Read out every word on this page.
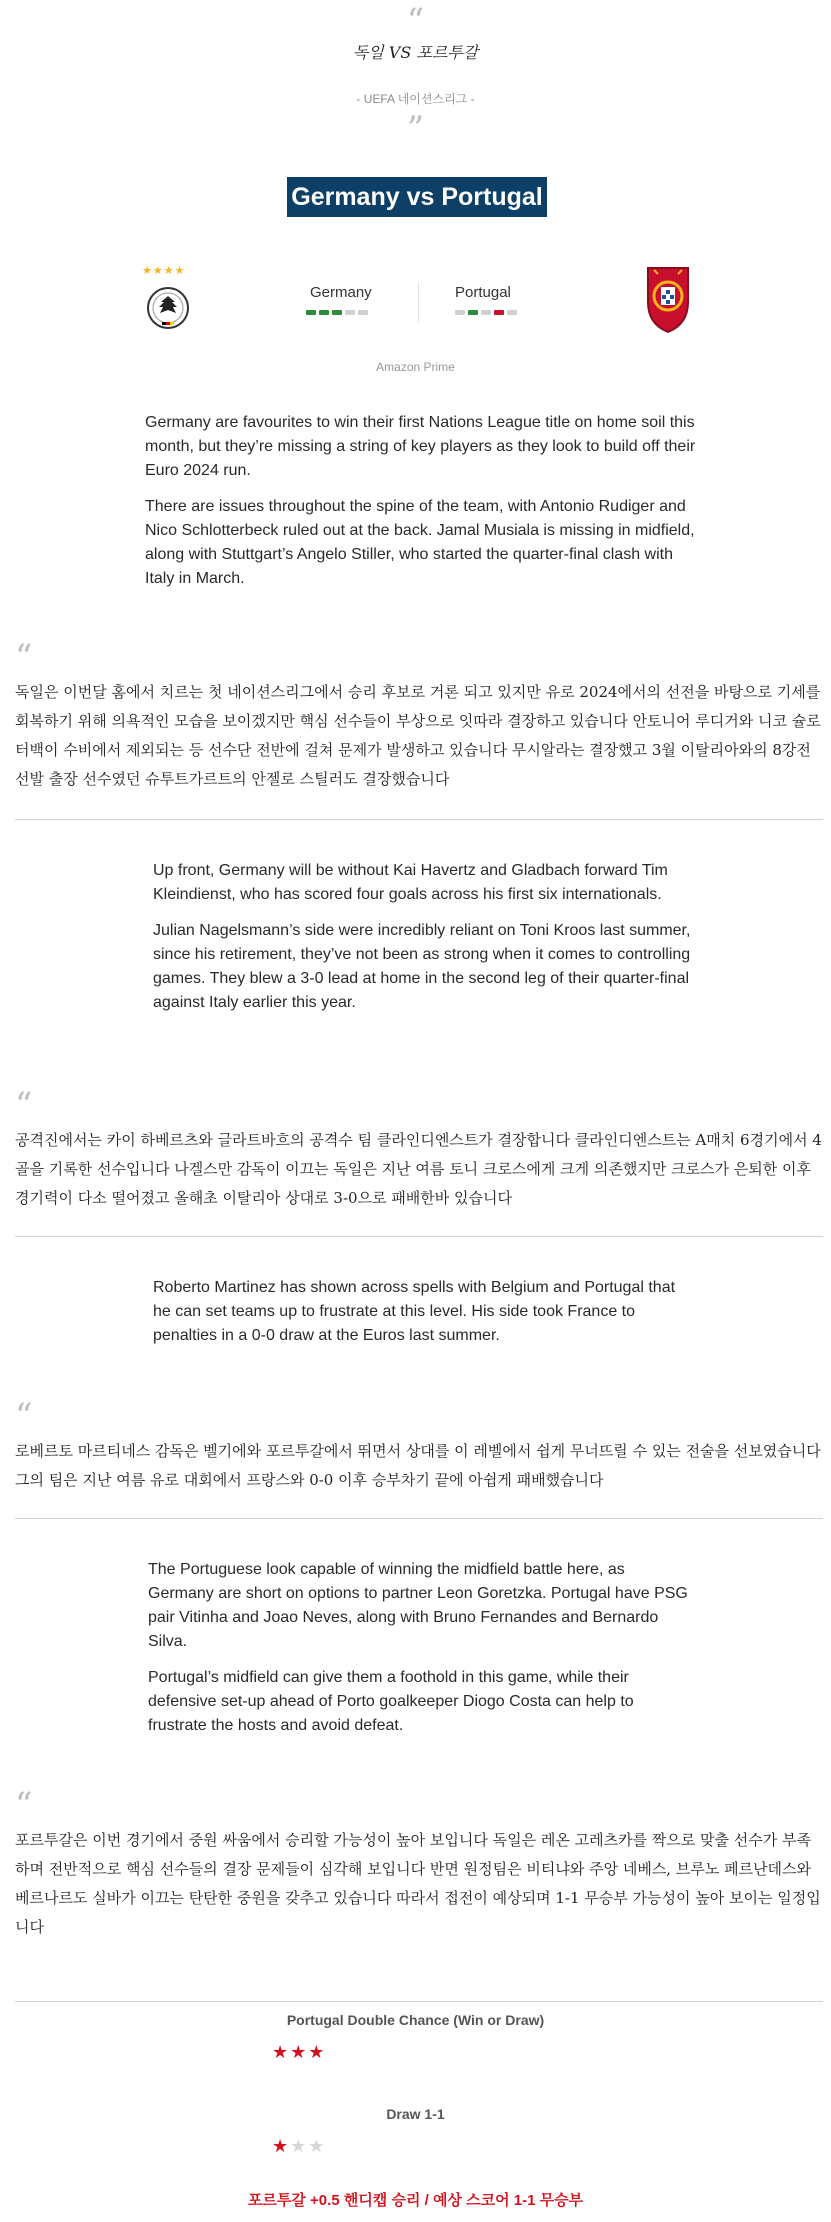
“
독일 VS 포르투갈
- UEFA 네이션스리그 -
”
Germany vs Portugal
★★★★
Germany	Portugal
Amazon Prime

Germany are favourites to win their first Nations League title on home soil this month, but they’re missing a string of key players as they look to build off their Euro 2024 run.

There are issues throughout the spine of the team, with Antonio Rudiger and Nico Schlotterbeck ruled out at the back. Jamal Musiala is missing in midfield, along with Stuttgart’s Angelo Stiller, who started the quarter-final clash with Italy in March.

“
독일은 이번달 홈에서 치르는 첫 네이션스리그에서 승리 후보로 거론 되고 있지만 유로 2024에서의 선전을 바탕으로 기세를 회복하기 위해 의욕적인 모습을 보이겠지만 핵심 선수들이 부상으로 잇따라 결장하고 있습니다 안토니어 루디거와 니코 슐로터백이 수비에서 제외되는 등 선수단 전반에 걸쳐 문제가 발생하고 있습니다 무시알라는 결장했고 3월 이탈리아와의 8강전 선발 출장 선수였던 슈투트가르트의 안젤로 스틸러도 결장했습니다

Up front, Germany will be without Kai Havertz and Gladbach forward Tim Kleindienst, who has scored four goals across his first six internationals.

Julian Nagelsmann’s side were incredibly reliant on Toni Kroos last summer, since his retirement, they’ve not been as strong when it comes to controlling games. They blew a 3-0 lead at home in the second leg of their quarter-final against Italy earlier this year.

“
공격진에서는 카이 하베르츠와 글라트바흐의 공격수 팀 클라인디엔스트가 결장합니다 클라인디엔스트는 A매치 6경기에서 4골을 기록한 선수입니다 나겔스만 감독이 이끄는 독일은 지난 여름 토니 크로스에게 크게 의존했지만 크로스가 은퇴한 이후 경기력이 다소 떨어졌고 올해초 이탈리아 상대로 3-0으로 패배한바 있습니다

Roberto Martinez has shown across spells with Belgium and Portugal that he can set teams up to frustrate at this level. His side took France to penalties in a 0-0 draw at the Euros last summer.

“
로베르토 마르티네스 감독은 벨기에와 포르투갈에서 뛰면서 상대를 이 레벨에서 쉽게 무너뜨릴 수 있는 전술을 선보였습니다 그의 팀은 지난 여름 유로 대회에서 프랑스와 0-0 이후 승부차기 끝에 아쉽게 패배했습니다

The Portuguese look capable of winning the midfield battle here, as Germany are short on options to partner Leon Goretzka. Portugal have PSG pair Vitinha and Joao Neves, along with Bruno Fernandes and Bernardo Silva.

Portugal’s midfield can give them a foothold in this game, while their defensive set-up ahead of Porto goalkeeper Diogo Costa can help to frustrate the hosts and avoid defeat.

“
포르투갈은 이번 경기에서 중원 싸움에서 승리할 가능성이 높아 보입니다 독일은 레온 고레츠카를 짝으로 맞출 선수가 부족하며 전반적으로 핵심 선수들의 결장 문제들이 심각해 보입니다 반면 원정팀은 비티냐와 주앙 네베스, 브루노 페르난데스와 베르나르도 실바가 이끄는 탄탄한 중원을 갖추고 있습니다 따라서 접전이 예상되며 1-1 무승부 가능성이 높아 보이는 일정입니다
Portugal Double Chance (Win or Draw)
★★★
Draw 1-1
★★★
포르투갈 +0.5 핸디캡 승리 / 예상 스코어 1-1 무승부
